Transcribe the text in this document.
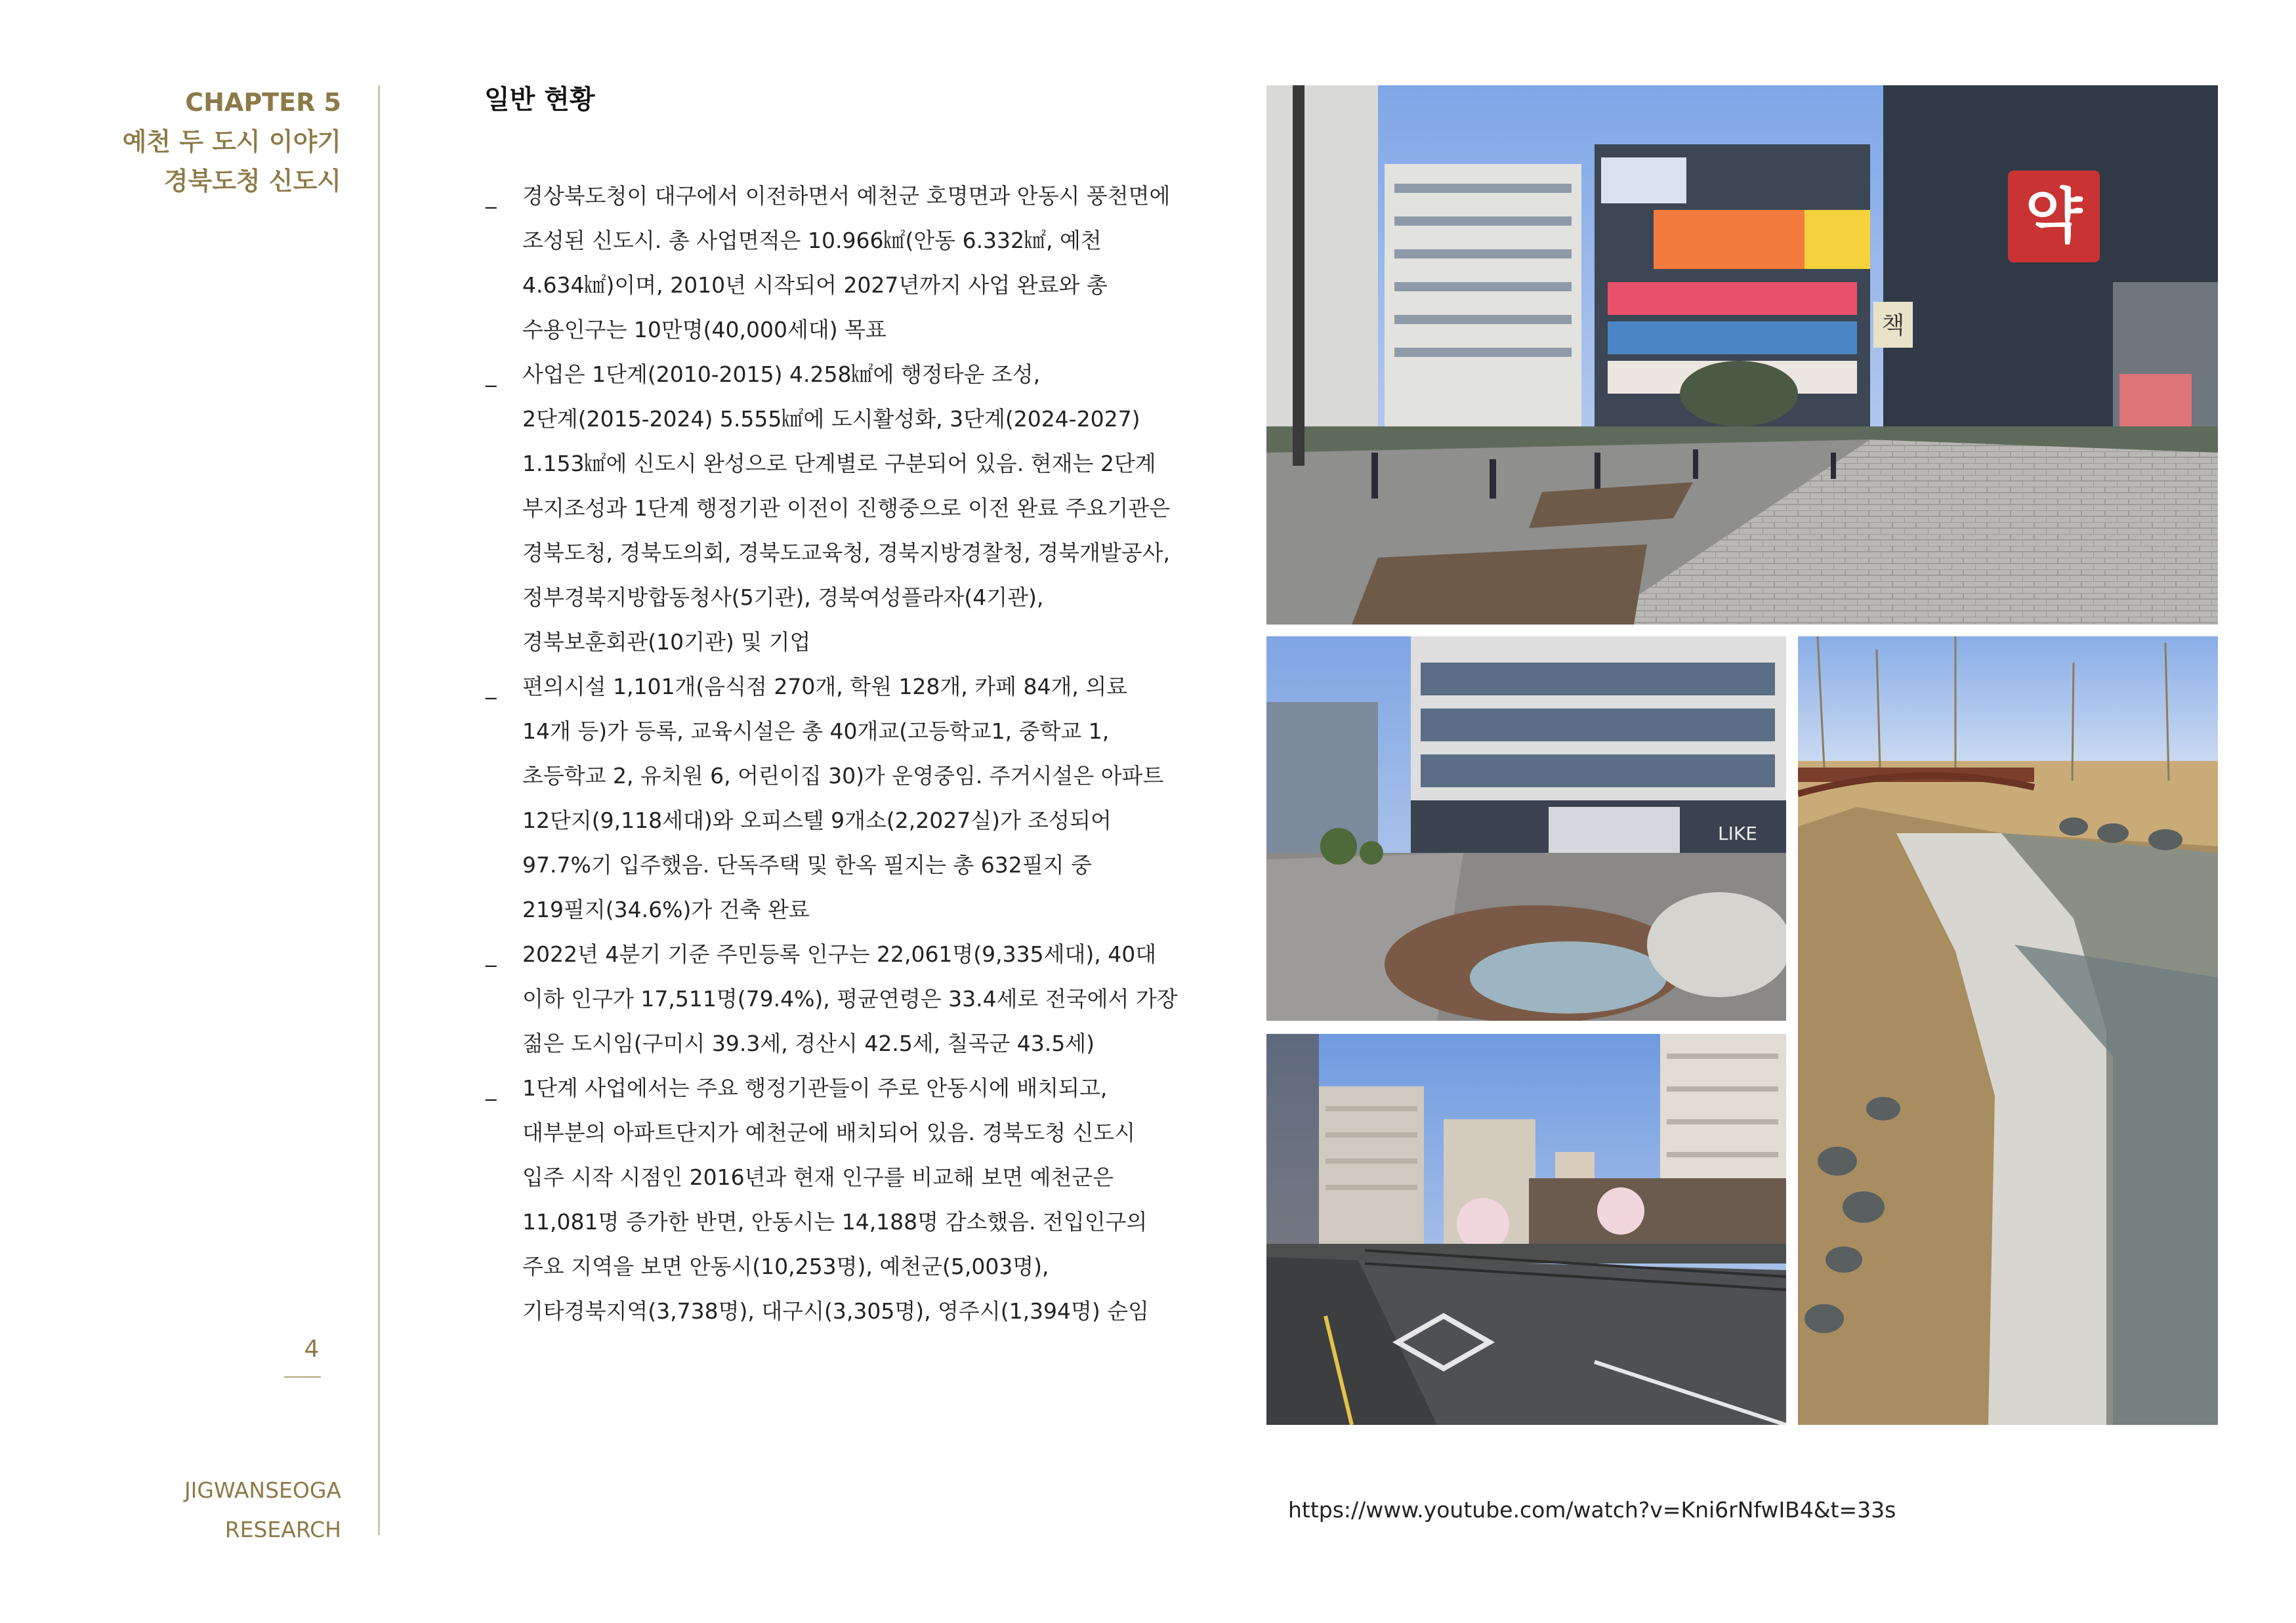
CHAPTER 5
예천 두 도시 이야기
경북도청 신도시
4
JIGWANSEOGA
RESEARCH
일반 현황
_ 경상북도청이 대구에서 이전하면서 예천군 호명면과 안동시 풍천면에
조성된 신도시. 총 사업면적은 10.966㎢(안동 6.332㎢, 예천
4.634㎢)이며, 2010년 시작되어 2027년까지 사업 완료와 총
수용인구는 10만명(40,000세대) 목표
_ 사업은 1단계(2010-2015) 4.258㎢에 행정타운 조성,
2단계(2015-2024) 5.555㎢에 도시활성화, 3단계(2024-2027)
1.153㎢에 신도시 완성으로 단계별로 구분되어 있음. 현재는 2단계
부지조성과 1단계 행정기관 이전이 진행중으로 이전 완료 주요기관은
경북도청, 경북도의회, 경북도교육청, 경북지방경찰청, 경북개발공사,
정부경북지방합동청사(5기관), 경북여성플라자(4기관),
경북보훈회관(10기관) 및 기업
_ 편의시설 1,101개(음식점 270개, 학원 128개, 카페 84개, 의료
14개 등)가 등록, 교육시설은 총 40개교(고등학교1, 중학교 1,
초등학교 2, 유치원 6, 어린이집 30)가 운영중임. 주거시설은 아파트
12단지(9,118세대)와 오피스텔 9개소(2,2027실)가 조성되어
97.7%기 입주했음. 단독주택 및 한옥 필지는 총 632필지 중
219필지(34.6%)가 건축 완료
_ 2022년 4분기 기준 주민등록 인구는 22,061명(9,335세대), 40대
이하 인구가 17,511명(79.4%), 평균연령은 33.4세로 전국에서 가장
젊은 도시임(구미시 39.3세, 경산시 42.5세, 칠곡군 43.5세)
_ 1단계 사업에서는 주요 행정기관들이 주로 안동시에 배치되고,
대부분의 아파트단지가 예천군에 배치되어 있음. 경북도청 신도시
입주 시작 시점인 2016년과 현재 인구를 비교해 보면 예천군은
11,081명 증가한 반면, 안동시는 14,188명 감소했음. 전입인구의
주요 지역을 보면 안동시(10,253명), 예천군(5,003명),
기타경북지역(3,738명), 대구시(3,305명), 영주시(1,394명) 순임
약
책
LIKE
https://www.youtube.com/watch?v=Kni6rNfwIB4&t=33s
